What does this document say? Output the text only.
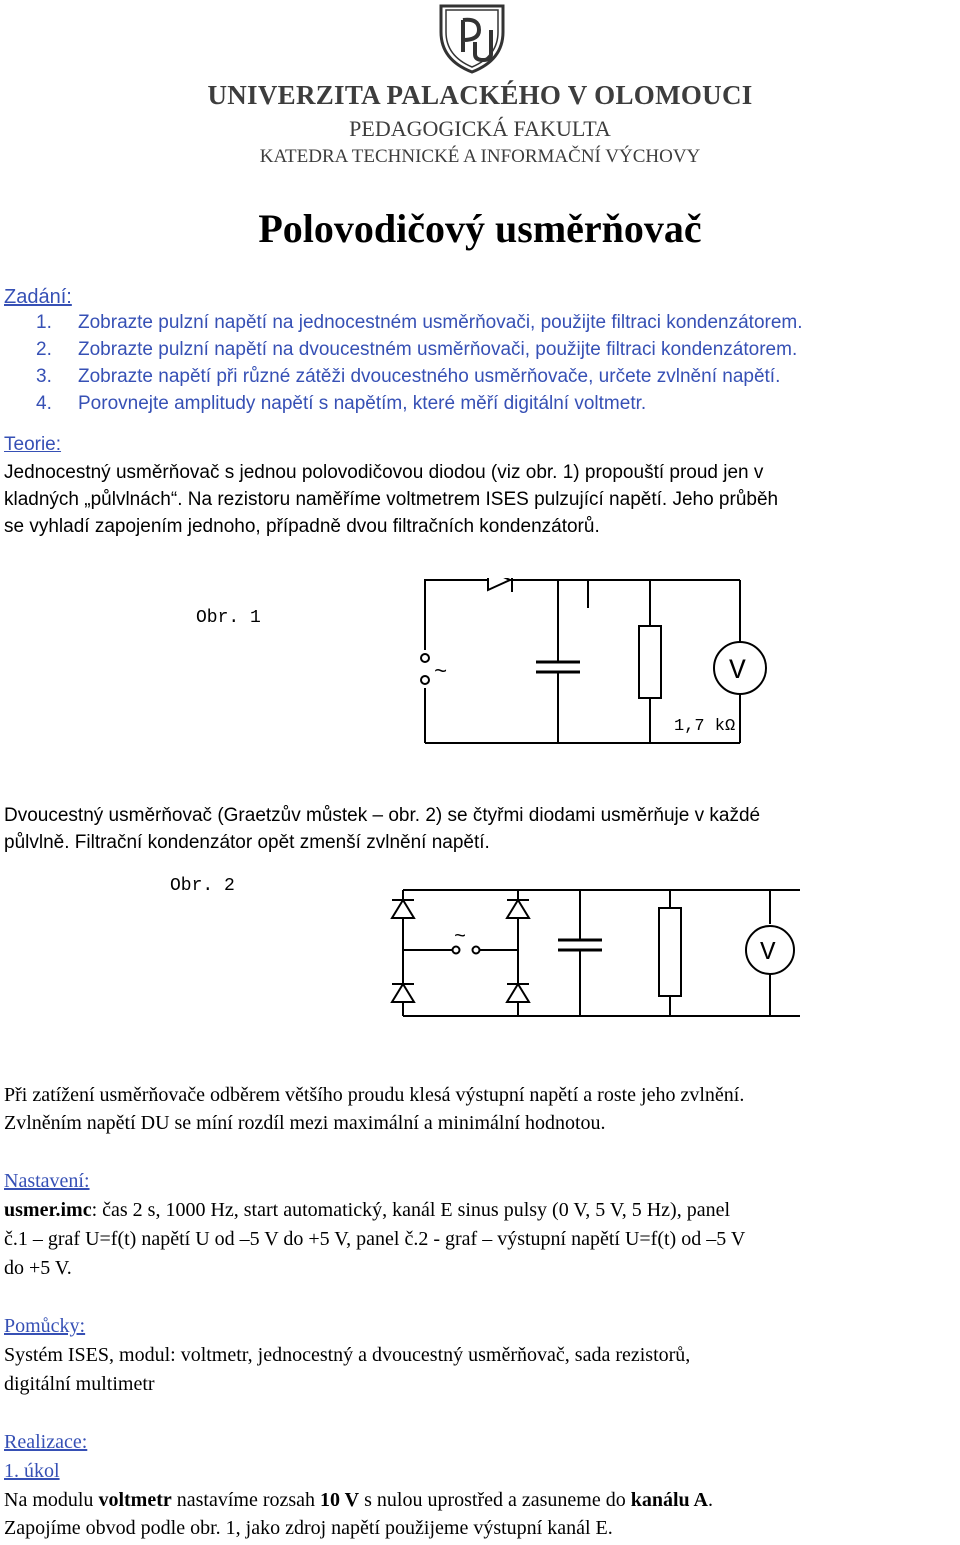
UNIVERZITA PALACKÉHO V OLOMOUCI
PEDAGOGICKÁ FAKULTA
KATEDRA TECHNICKÉ A INFORMAČNÍ VÝCHOVY
Polovodičový usměrňovač
Zadání:
1. Zobrazte pulzní napětí na jednocestném usměrňovači, použijte filtraci kondenzátorem.
2. Zobrazte pulzní napětí na dvoucestném usměrňovači, použijte filtraci kondenzátorem.
3. Zobrazte napětí při různé zátěži dvoucestného usměrňovače, určete zvlnění napětí.
4. Porovnejte amplitudy napětí s napětím, které měří digitální voltmetr.
Teorie:
Jednocestný usměrňovač s jednou polovodičovou diodou (viz obr. 1) propouští proud jen v
kladných „půlvlnách“. Na rezistoru naměříme voltmetrem ISES pulzující napětí. Jeho průběh
se vyhladí zapojením jednoho, případně dvou filtračních kondenzátorů.
Obr. 1
~
1,7 kΩ
V
Dvoucestný usměrňovač (Graetzův můstek – obr. 2) se čtyřmi diodami usměrňuje v každé
půlvlně. Filtrační kondenzátor opět zmenší zvlnění napětí.
Obr. 2
~	V
Při zatížení usměrňovače odběrem většího proudu klesá výstupní napětí a roste jeho zvlnění.
Zvlněním napětí DU se míní rozdíl mezi maximální a minimální hodnotou.
Nastavení:
usmer.imc: čas 2 s, 1000 Hz, start automatický, kanál E sinus pulsy (0 V, 5 V, 5 Hz), panel
č.1 – graf U=f(t) napětí U od –5 V do +5 V, panel č.2 - graf – výstupní napětí U=f(t) od –5 V
do +5 V.
Pomůcky:
Systém ISES, modul: voltmetr, jednocestný a dvoucestný usměrňovač, sada rezistorů,
digitální multimetr
Realizace:
1. úkol
Na modulu voltmetr nastavíme rozsah 10 V s nulou uprostřed a zasuneme do kanálu A.
Zapojíme obvod podle obr. 1, jako zdroj napětí použijeme výstupní kanál E.
